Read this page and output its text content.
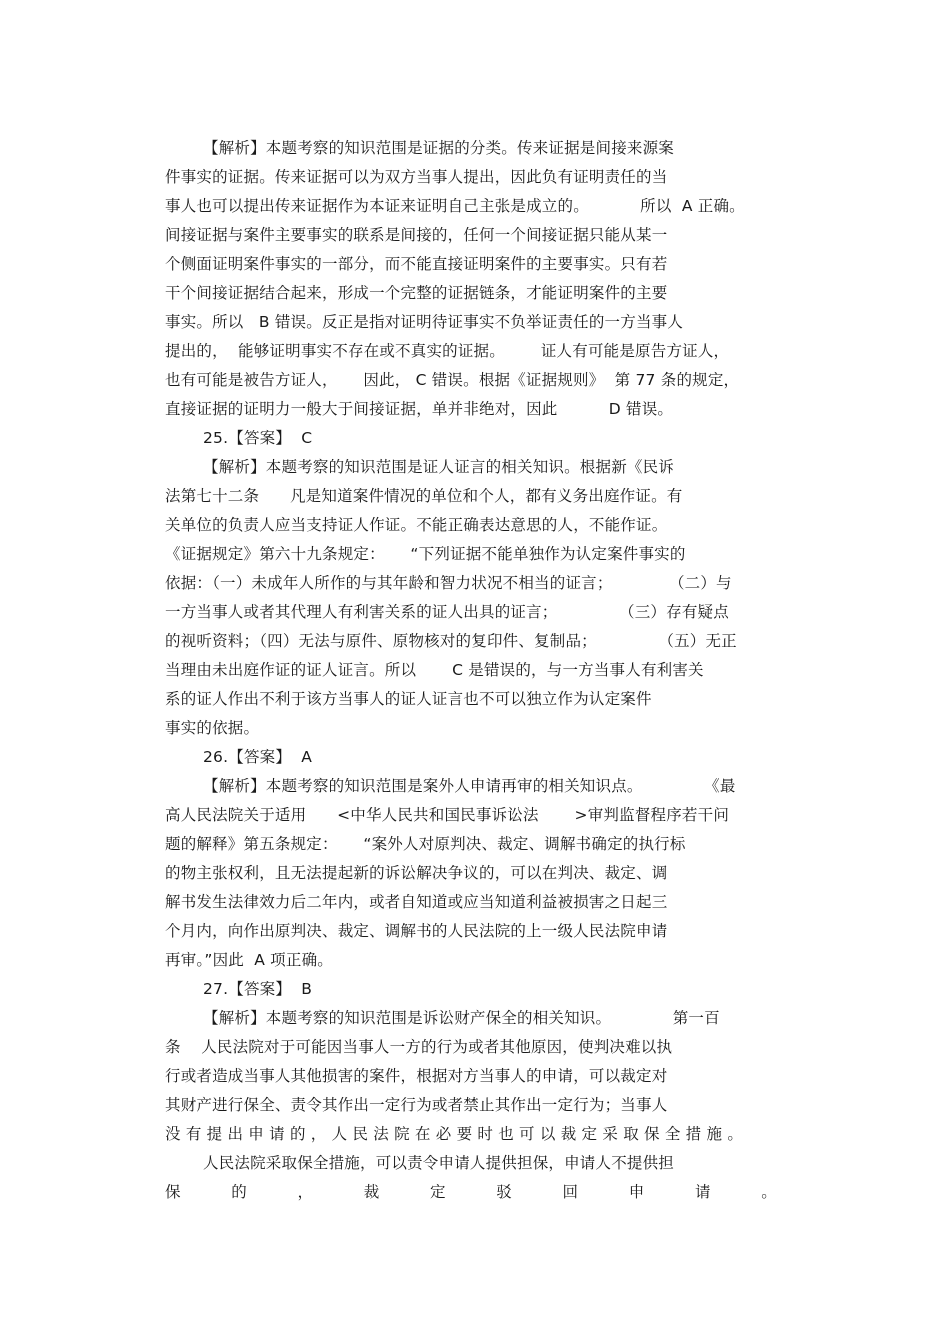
【解析】本题考察的知识范围是证据的分类。传来证据是间接来源案
件事实的证据。传来证据可以为双方当事人提出，因此负有证明责任的当
事人也可以提出传来证据作为本证来证明自己主张是成立的。          所以  A 正确。
间接证据与案件主要事实的联系是间接的，任何一个间接证据只能从某一
个侧面证明案件事实的一部分，而不能直接证明案件的主要事实。只有若
干个间接证据结合起来，形成一个完整的证据链条，才能证明案件的主要
事实。所以   B 错误。反正是指对证明待证事实不负举证责任的一方当事人
提出的，  能够证明事实不存在或不真实的证据。       证人有可能是原告方证人，
也有可能是被告方证人，     因此， C 错误。根据《证据规则》  第 77 条的规定，
直接证据的证明力一般大于间接证据，单并非绝对，因此          D 错误。
25.【答案】  C
【解析】本题考察的知识范围是证人证言的相关知识。根据新《民诉
法第七十二条      凡是知道案件情况的单位和个人，都有义务出庭作证。有
关单位的负责人应当支持证人作证。不能正确表达意思的人，不能作证。
《证据规定》第六十九条规定：     “下列证据不能单独作为认定案件事实的
依据：（一）未成年人所作的与其年龄和智力状况不相当的证言；           （二）与
一方当事人或者其代理人有利害关系的证人出具的证言；            （三）存有疑点
的视听资料；（四）无法与原件、原物核对的复印件、复制品；            （五）无正
当理由未出庭作证的证人证言。所以       C 是错误的，与一方当事人有利害关
系的证人作出不利于该方当事人的证人证言也不可以独立作为认定案件
事实的依据。
26.【答案】  A
【解析】本题考察的知识范围是案外人申请再审的相关知识点。            《最
高人民法院关于适用      <中华人民共和国民事诉讼法       >审判监督程序若干问
题的解释》第五条规定：     “案外人对原判决、裁定、调解书确定的执行标
的物主张权利，且无法提起新的诉讼解决争议的，可以在判决、裁定、调
解书发生法律效力后二年内，或者自知道或应当知道利益被损害之日起三
个月内，向作出原判决、裁定、调解书的人民法院的上一级人民法院申请
再审。”因此  A 项正确。
27.【答案】  B
【解析】本题考察的知识范围是诉讼财产保全的相关知识。            第一百
条    人民法院对于可能因当事人一方的行为或者其他原因，使判决难以执
行或者造成当事人其他损害的案件，根据对方当事人的申请，可以裁定对
其财产进行保全、责令其作出一定行为或者禁止其作出一定行为；当事人
没 有 提 出 申 请 的 ， 人 民 法 院 在 必 要 时 也 可 以 裁 定 采 取 保 全 措 施 。
人民法院采取保全措施，可以责令申请人提供担保，申请人不提供担
保	的	，	裁	定	驳	回	申	请	。
